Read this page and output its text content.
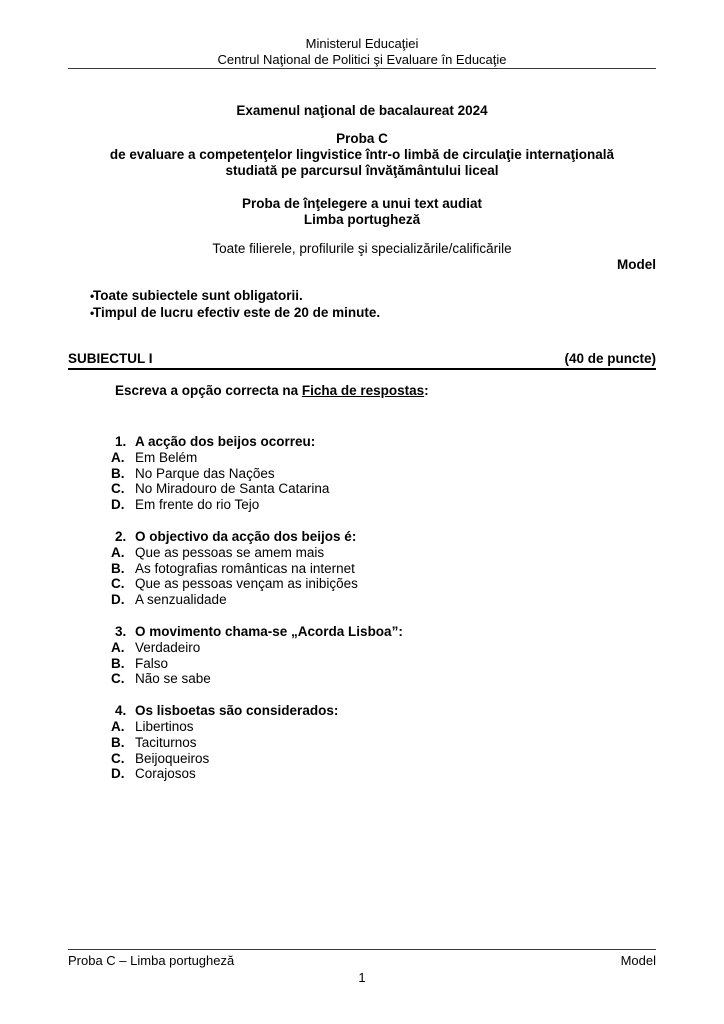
Ministerul Educaţiei
Centrul Naţional de Politici şi Evaluare în Educaţie
Examenul naţional de bacalaureat 2024
Proba C
de evaluare a competenţelor lingvistice într-o limbă de circulaţie internaţională
studiată pe parcursul învăţământului liceal
Proba de înţelegere a unui text audiat
Limba portugheză
Toate filierele, profilurile şi specializările/calificările
Model
•
Toate subiectele sunt obligatorii.
•
Timpul de lucru efectiv este de 20 de minute.
SUBIECTUL I	(40 de puncte)
Escreva a opção correcta na Ficha de respostas:
1. A acção dos beijos ocorreu:
A. Em Belém
B. No Parque das Nações
C. No Miradouro de Santa Catarina
D. Em frente do rio Tejo
2. O objectivo da acção dos beijos é:
A. Que as pessoas se amem mais
B. As fotografias românticas na internet
C. Que as pessoas vençam as inibições
D. A senzualidade
3. O movimento chama-se „Acorda Lisboa”:
A. Verdadeiro
B. Falso
C. Não se sabe
4. Os lisboetas são considerados:
A. Libertinos
B. Taciturnos
C. Beijoqueiros
D. Corajosos
Proba C – Limba portugheză	Model
1
